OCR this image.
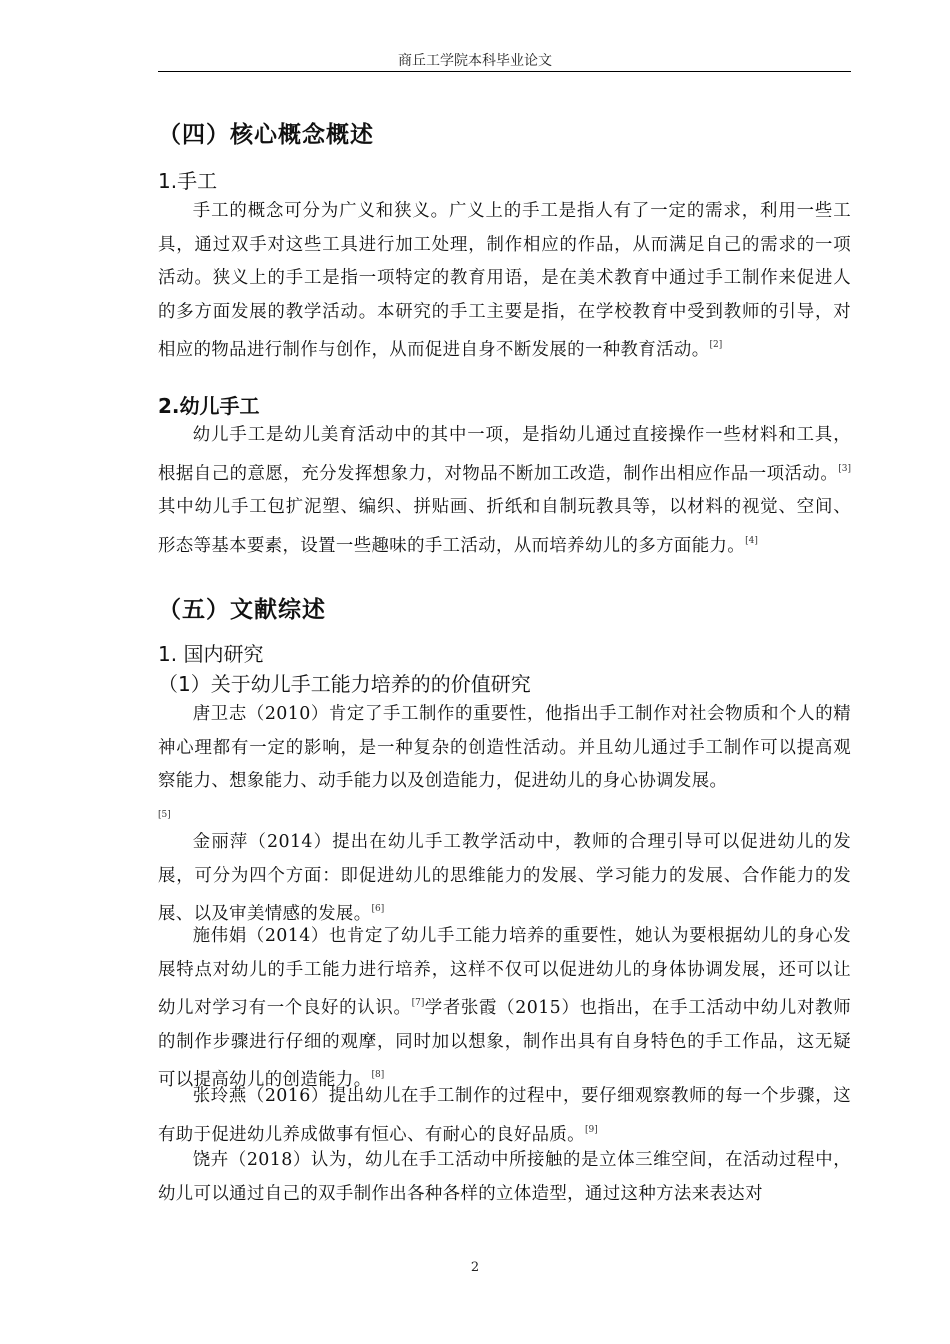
商丘工学院本科毕业论文
（四）核心概念概述
1.手工

手工的概念可分为广义和狭义。广义上的手工是指人有了一定的需求，利用一些工具，通过双手对这些工具进行加工处理，制作相应的作品，从而满足自己的需求的一项活动。狭义上的手工是指一项特定的教育用语，是在美术教育中通过手工制作来促进人的多方面发展的教学活动。本研究的手工主要是指，在学校教育中受到教师的引导，对相应的物品进行制作与创作，从而促进自身不断发展的一种教育活动。[2]

2.幼儿手工

幼儿手工是幼儿美育活动中的其中一项，是指幼儿通过直接操作一些材料和工具，根据自己的意愿，充分发挥想象力，对物品不断加工改造，制作出相应作品一项活动。[3]其中幼儿手工包扩泥塑、编织、拼贴画、折纸和自制玩教具等，以材料的视觉、空间、形态等基本要素，设置一些趣味的手工活动，从而培养幼儿的多方面能力。[4]

（五）文献综述
1. 国内研究
（1）关于幼儿手工能力培养的的价值研究

唐卫志（2010）肯定了手工制作的重要性，他指出手工制作对社会物质和个人的精神心理都有一定的影响，是一种复杂的创造性活动。并且幼儿通过手工制作可以提高观察能力、想象能力、动手能力以及创造能力，促进幼儿的身心协调发展。
[5]

金丽萍（2014）提出在幼儿手工教学活动中，教师的合理引导可以促进幼儿的发展，可分为四个方面：即促进幼儿的思维能力的发展、学习能力的发展、合作能力的发展、以及审美情感的发展。[6]

施伟娟（2014）也肯定了幼儿手工能力培养的重要性，她认为要根据幼儿的身心发展特点对幼儿的手工能力进行培养，这样不仅可以促进幼儿的身体协调发展，还可以让幼儿对学习有一个良好的认识。[7]学者张霞（2015）也指出，在手工活动中幼儿对教师的制作步骤进行仔细的观摩，同时加以想象，制作出具有自身特色的手工作品，这无疑可以提高幼儿的创造能力。[8]

张玲燕（2016）提出幼儿在手工制作的过程中，要仔细观察教师的每一个步骤，这有助于促进幼儿养成做事有恒心、有耐心的良好品质。[9]

饶卉（2018）认为，幼儿在手工活动中所接触的是立体三维空间，在活动过程中，幼儿可以通过自己的双手制作出各种各样的立体造型，通过这种方法来表达对

2
